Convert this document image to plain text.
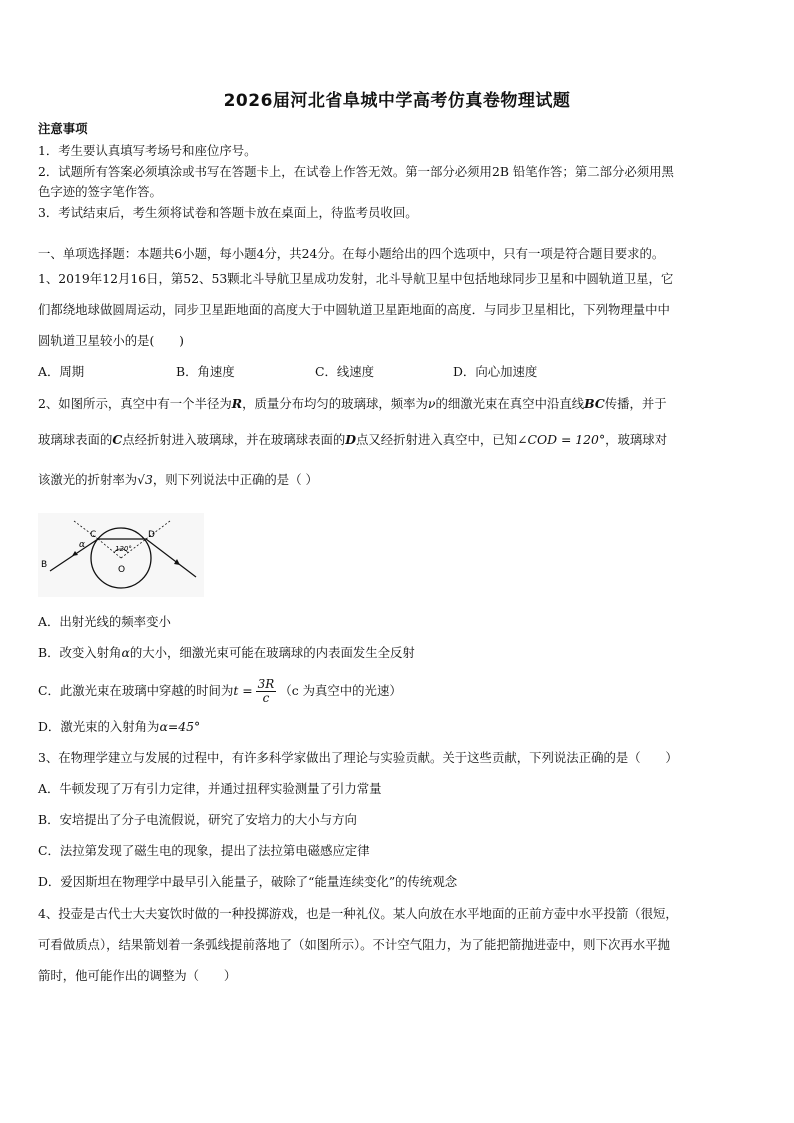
2026届河北省阜城中学高考仿真卷物理试题
注意事项
1．考生要认真填写考场号和座位序号。
2．试题所有答案必须填涂或书写在答题卡上，在试卷上作答无效。第一部分必须用2B 铅笔作答；第二部分必须用黑
色字迹的签字笔作答。
3．考试结束后，考生须将试卷和答题卡放在桌面上，待监考员收回。
一、单项选择题：本题共6小题，每小题4分，共24分。在每小题给出的四个选项中，只有一项是符合题目要求的。
1、2019年12月16日，第52、53颗北斗导航卫星成功发射，北斗导航卫星中包括地球同步卫星和中圆轨道卫星，它
们都绕地球做圆周运动，同步卫星距地面的高度大于中圆轨道卫星距地面的高度．与同步卫星相比，下列物理量中中
圆轨道卫星较小的是(　　)
A．周期	B．角速度	C．线速度	D．向心加速度
2、如图所示，真空中有一个半径为R，质量分布均匀的玻璃球，频率为ν的细激光束在真空中沿直线BC传播，并于
玻璃球表面的C点经折射进入玻璃球，并在玻璃球表面的D点又经折射进入真空中，已知∠COD = 120°，玻璃球对
该激光的折射率为√3，则下列说法中正确的是（ ）
B
C	D
O
α	120°
A．出射光线的频率变小
B．改变入射角α的大小，细激光束可能在玻璃球的内表面发生全反射
C．此激光束在玻璃中穿越的时间为$t = \frac{3R}{c} (c$ 为真空中的光速）
D．激光束的入射角为α=45°
3、在物理学建立与发展的过程中，有许多科学家做出了理论与实验贡献。关于这些贡献，下列说法正确的是（　　）
A．牛顿发现了万有引力定律，并通过扭秤实验测量了引力常量
B．安培提出了分子电流假说，研究了安培力的大小与方向
C．法拉第发现了磁生电的现象，提出了法拉第电磁感应定律
D．爱因斯坦在物理学中最早引入能量子，破除了“能量连续变化”的传统观念
4、投壶是古代士大夫宴饮时做的一种投掷游戏，也是一种礼仪。某人向放在水平地面的正前方壶中水平投箭（很短，
可看做质点），结果箭划着一条弧线提前落地了（如图所示）。不计空气阻力，为了能把箭抛进壶中，则下次再水平抛
箭时，他可能作出的调整为（　　）
